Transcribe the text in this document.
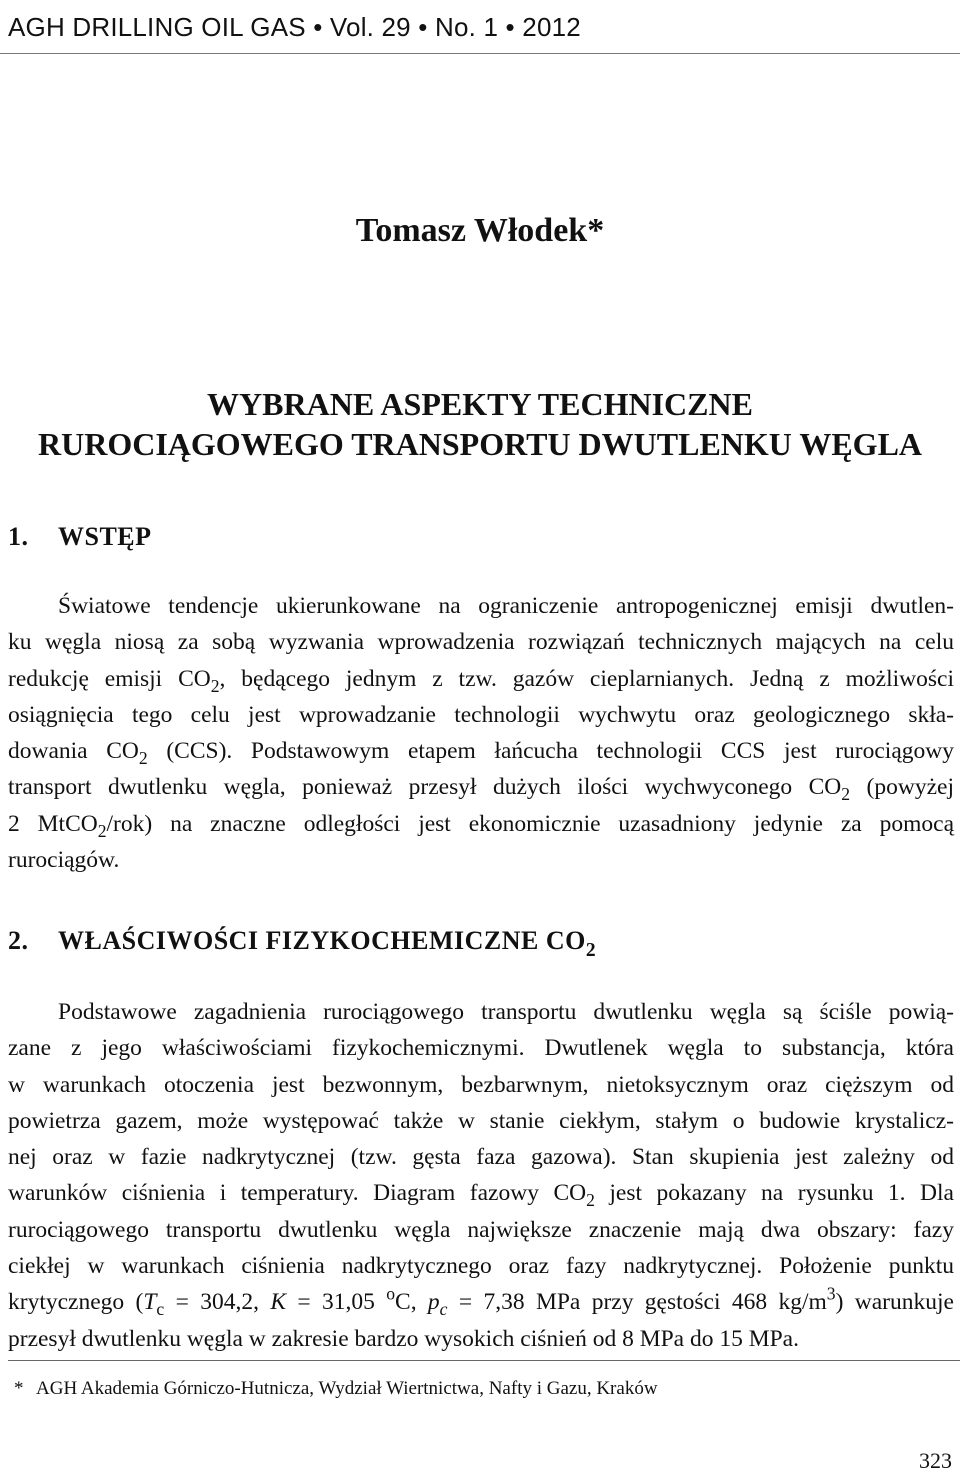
AGH DRILLING OIL GAS • Vol. 29 • No. 1 • 2012
Tomasz Włodek*
WYBRANE ASPEKTY TECHNICZNE
RUROCIĄGOWEGO TRANSPORTU DWUTLENKU WĘGLA
1. WSTĘP
Światowe tendencje ukierunkowane na ograniczenie antropogenicznej emisji dwutlen-
ku węgla niosą za sobą wyzwania wprowadzenia rozwiązań technicznych mających na celu
redukcję emisji $CO_2$, będącego jednym z tzw. gazów cieplarnianych. Jedną z możliwości
osiągnięcia tego celu jest wprowadzanie technologii wychwytu oraz geologicznego skła-
dowania $CO_2$ (CCS). Podstawowym etapem łańcucha technologii CCS jest rurociągowy
transport dwutlenku węgla, ponieważ przesył dużych ilości wychwyconego $CO_2$ (powyżej
2 MtCO$_2$/rok) na znaczne odległości jest ekonomicznie uzasadniony jedynie za pomocą
rurociągów.
2. WŁAŚCIWOŚCI FIZYKOCHEMICZNE $CO_2$
Podstawowe zagadnienia rurociągowego transportu dwutlenku węgla są ściśle powią-
zane z jego właściwościami fizykochemicznymi. Dwutlenek węgla to substancja, która
w warunkach otoczenia jest bezwonnym, bezbarwnym, nietoksycznym oraz cięższym od
powietrza gazem, może występować także w stanie ciekłym, stałym o budowie krystalicz-
nej oraz w fazie nadkrytycznej (tzw. gęsta faza gazowa). Stan skupienia jest zależny od
warunków ciśnienia i temperatury. Diagram fazowy $CO_2$ jest pokazany na rysunku 1. Dla
rurociągowego transportu dwutlenku węgla największe znaczenie mają dwa obszary: fazy
ciekłej w warunkach ciśnienia nadkrytycznego oraz fazy nadkrytycznej. Położenie punktu
krytycznego ($T_c = 304,2$, K = 31,05 $^o$C, $p_c = 7,38$ MPa przy gęstości 468 $kg/m^3$) warunkuje
przesył dwutlenku węgla w zakresie bardzo wysokich ciśnień od 8 MPa do 15 MPa.
* AGH Akademia Górniczo-Hutnicza, Wydział Wiertnictwa, Nafty i Gazu, Kraków
323
